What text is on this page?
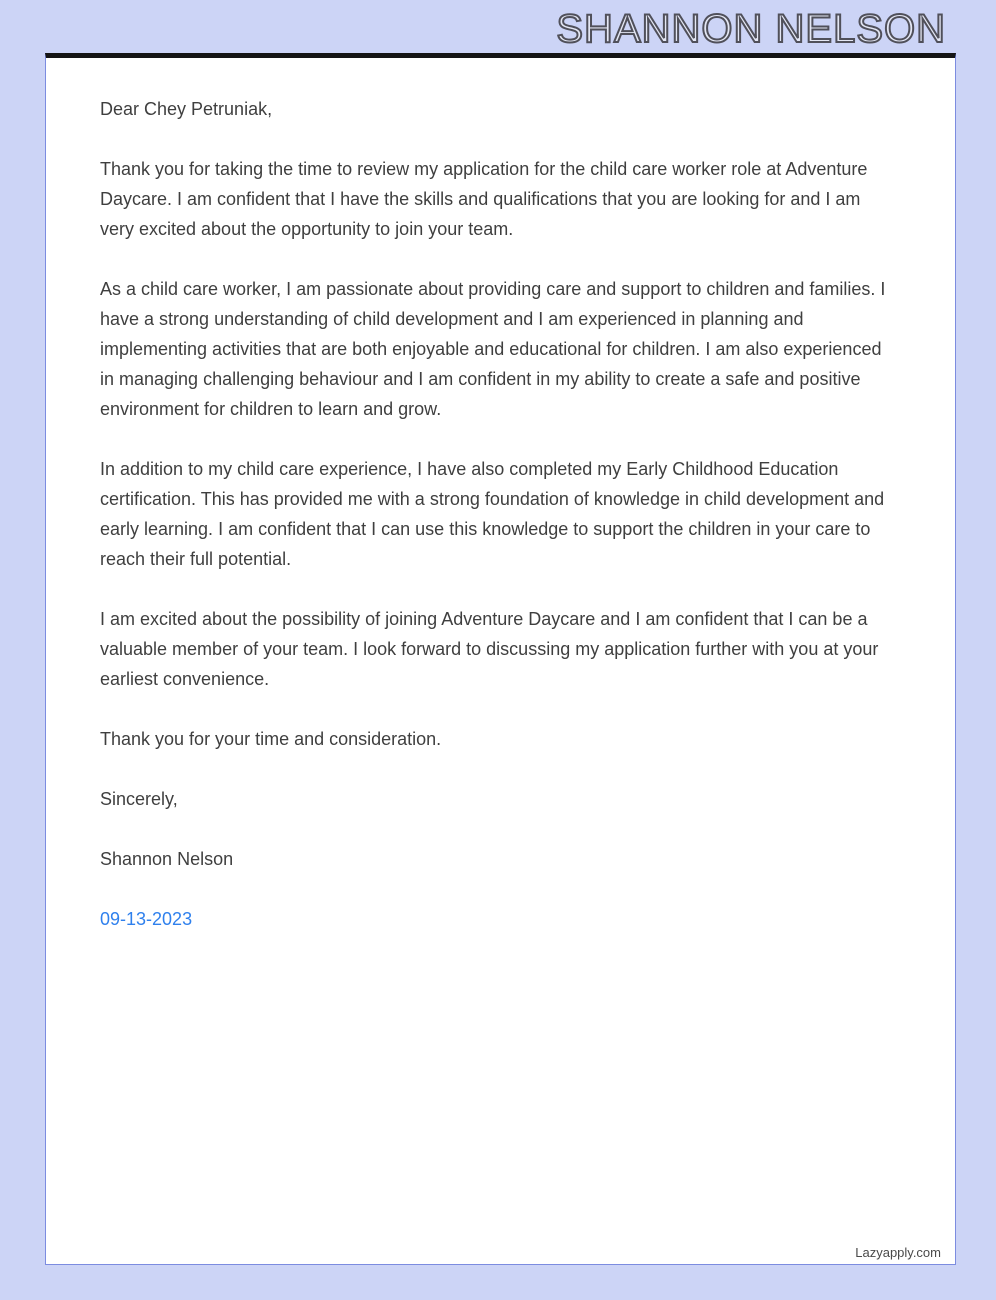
SHANNON NELSON

Dear Chey Petruniak,

Thank you for taking the time to review my application for the child care worker role at Adventure Daycare. I am confident that I have the skills and qualifications that you are looking for and I am very excited about the opportunity to join your team.

As a child care worker, I am passionate about providing care and support to children and families. I have a strong understanding of child development and I am experienced in planning and implementing activities that are both enjoyable and educational for children. I am also experienced in managing challenging behaviour and I am confident in my ability to create a safe and positive environment for children to learn and grow.

In addition to my child care experience, I have also completed my Early Childhood Education certification. This has provided me with a strong foundation of knowledge in child development and early learning. I am confident that I can use this knowledge to support the children in your care to reach their full potential.

I am excited about the possibility of joining Adventure Daycare and I am confident that I can be a valuable member of your team. I look forward to discussing my application further with you at your earliest convenience.

Thank you for your time and consideration.

Sincerely,

Shannon Nelson

09-13-2023

Lazyapply.com
